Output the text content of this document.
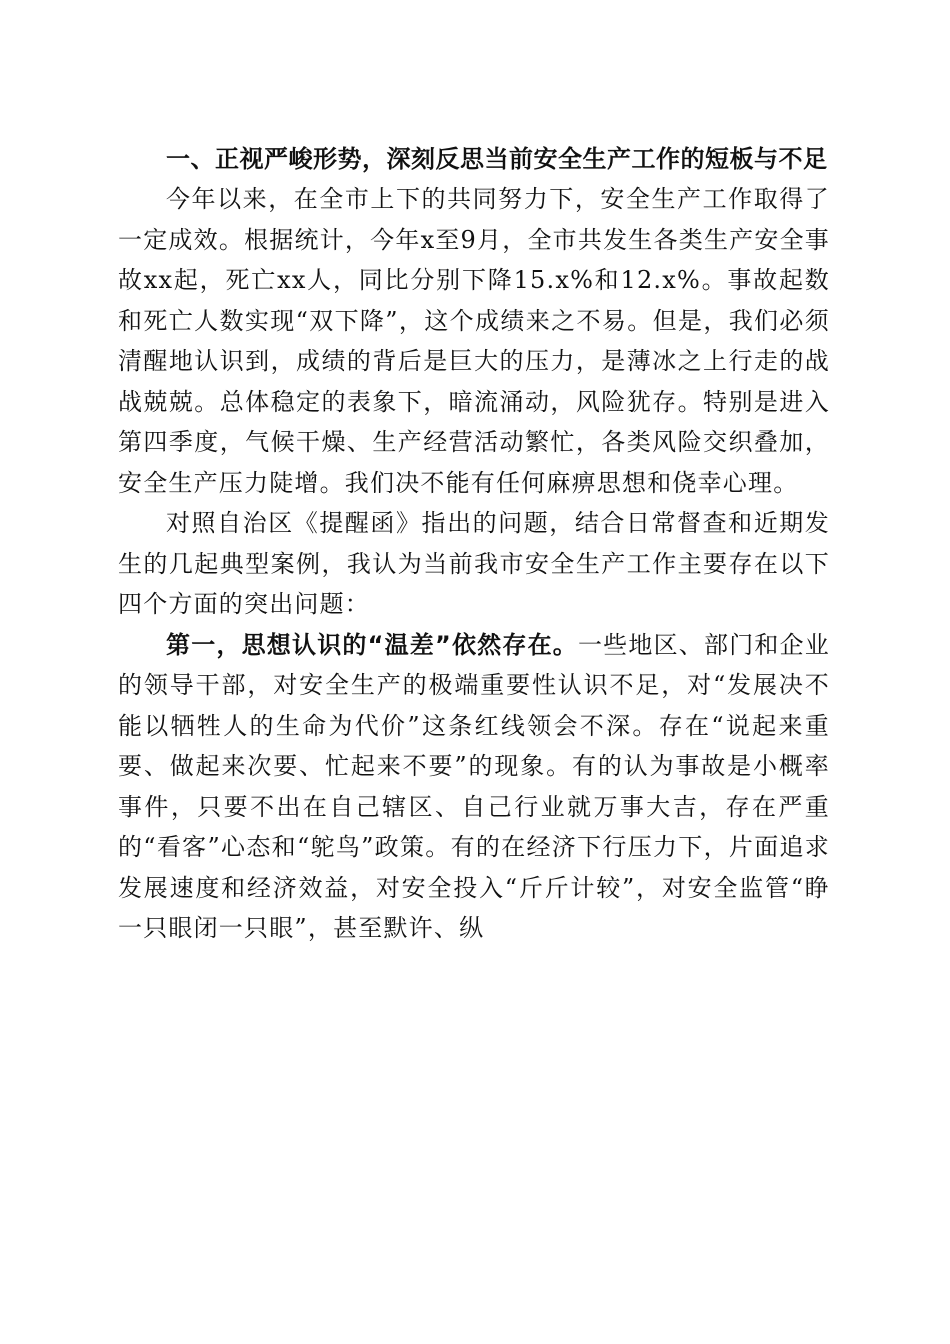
一、正视严峻形势，深刻反思当前安全生产工作的短板与不足

今年以来，在全市上下的共同努力下，安全生产工作取得了一定成效。根据统计，今年x至9月，全市共发生各类生产安全事故xx起，死亡xx人，同比分别下降15.x%和12.x%。事故起数和死亡人数实现“双下降”，这个成绩来之不易。但是，我们必须清醒地认识到，成绩的背后是巨大的压力，是薄冰之上行走的战战兢兢。总体稳定的表象下，暗流涌动，风险犹存。特别是进入第四季度，气候干燥、生产经营活动繁忙，各类风险交织叠加，安全生产压力陡增。我们决不能有任何麻痹思想和侥幸心理。

对照自治区《提醒函》指出的问题，结合日常督查和近期发生的几起典型案例，我认为当前我市安全生产工作主要存在以下四个方面的突出问题：

第一，思想认识的“温差”依然存在。一些地区、部门和企业的领导干部，对安全生产的极端重要性认识不足，对“发展决不能以牺牲人的生命为代价”这条红线领会不深。存在“说起来重要、做起来次要、忙起来不要”的现象。有的认为事故是小概率事件，只要不出在自己辖区、自己行业就万事大吉，存在严重的“看客”心态和“鸵鸟”政策。有的在经济下行压力下，片面追求发展速度和经济效益，对安全投入“斤斤计较”，对安全监管“睁一只眼闭一只眼”，甚至默许、纵
